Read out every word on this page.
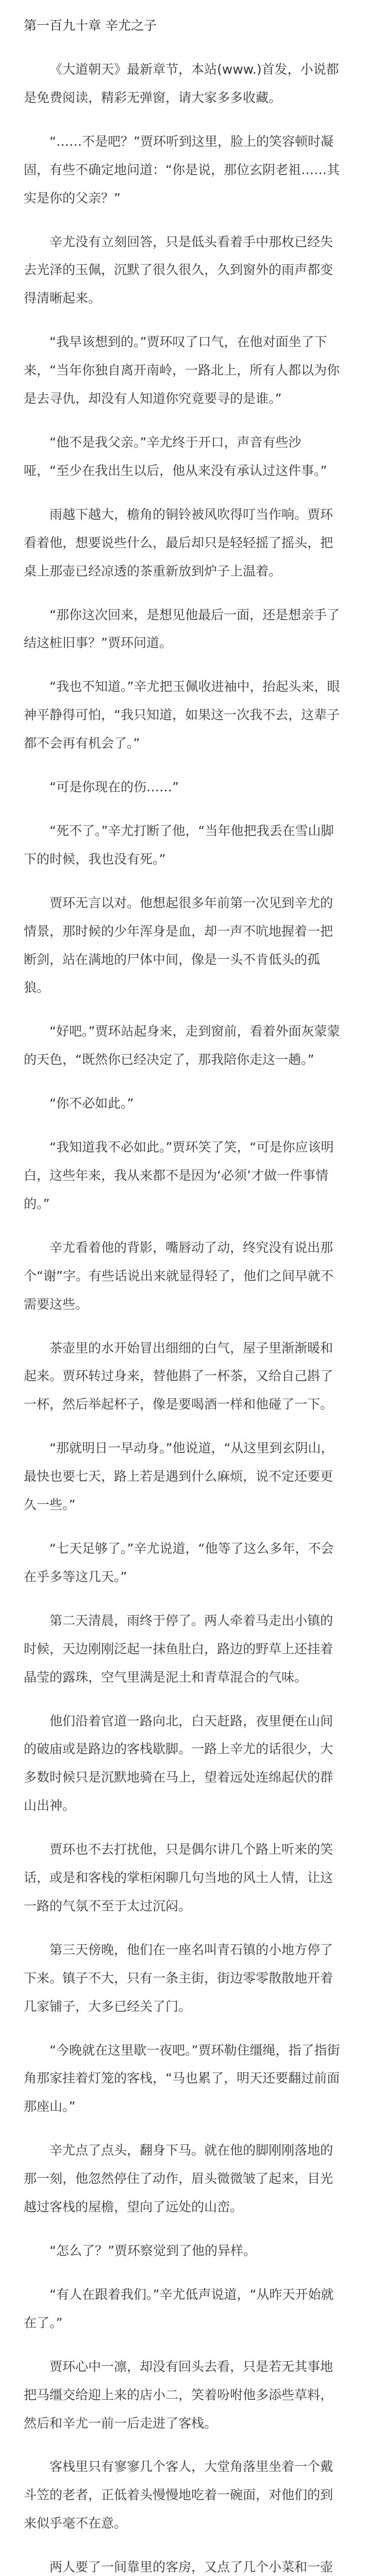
第一百九十章 辛尤之子

《大道朝天》最新章节，本站(www.)首发，小说都是免费阅读，精彩无弹窗，请大家多多收藏。

“……不是吧？”贾环听到这里，脸上的笑容顿时凝固，有些不确定地问道：“你是说，那位玄阴老祖……其实是你的父亲？”

辛尤没有立刻回答，只是低头看着手中那枚已经失去光泽的玉佩，沉默了很久很久，久到窗外的雨声都变得清晰起来。

“我早该想到的。”贾环叹了口气，在他对面坐了下来，“当年你独自离开南岭，一路北上，所有人都以为你是去寻仇，却没有人知道你究竟要寻的是谁。”

“他不是我父亲。”辛尤终于开口，声音有些沙哑，“至少在我出生以后，他从来没有承认过这件事。”

雨越下越大，檐角的铜铃被风吹得叮当作响。贾环看着他，想要说些什么，最后却只是轻轻摇了摇头，把桌上那壶已经凉透的茶重新放到炉子上温着。

“那你这次回来，是想见他最后一面，还是想亲手了结这桩旧事？”贾环问道。

“我也不知道。”辛尤把玉佩收进袖中，抬起头来，眼神平静得可怕，“我只知道，如果这一次我不去，这辈子都不会再有机会了。”

“可是你现在的伤……”

“死不了。”辛尤打断了他，“当年他把我丢在雪山脚下的时候，我也没有死。”

贾环无言以对。他想起很多年前第一次见到辛尤的情景，那时候的少年浑身是血，却一声不吭地握着一把断剑，站在满地的尸体中间，像是一头不肯低头的孤狼。

“好吧。”贾环站起身来，走到窗前，看着外面灰蒙蒙的天色，“既然你已经决定了，那我陪你走这一趟。”

“你不必如此。”

“我知道我不必如此。”贾环笑了笑，“可是你应该明白，这些年来，我从来都不是因为‘必须’才做一件事情的。”

辛尤看着他的背影，嘴唇动了动，终究没有说出那个“谢”字。有些话说出来就显得轻了，他们之间早就不需要这些。

茶壶里的水开始冒出细细的白气，屋子里渐渐暖和起来。贾环转过身来，替他斟了一杯茶，又给自己斟了一杯，然后举起杯子，像是要喝酒一样和他碰了一下。

“那就明日一早动身。”他说道，“从这里到玄阴山，最快也要七天，路上若是遇到什么麻烦，说不定还要更久一些。”

“七天足够了。”辛尤说道，“他等了这么多年，不会在乎多等这几天。”

第二天清晨，雨终于停了。两人牵着马走出小镇的时候，天边刚刚泛起一抹鱼肚白，路边的野草上还挂着晶莹的露珠，空气里满是泥土和青草混合的气味。

他们沿着官道一路向北，白天赶路，夜里便在山间的破庙或是路边的客栈歇脚。一路上辛尤的话很少，大多数时候只是沉默地骑在马上，望着远处连绵起伏的群山出神。

贾环也不去打扰他，只是偶尔讲几个路上听来的笑话，或是和客栈的掌柜闲聊几句当地的风土人情，让这一路的气氛不至于太过沉闷。

第三天傍晚，他们在一座名叫青石镇的小地方停了下来。镇子不大，只有一条主街，街边零零散散地开着几家铺子，大多已经关了门。

“今晚就在这里歇一夜吧。”贾环勒住缰绳，指了指街角那家挂着灯笼的客栈，“马也累了，明天还要翻过前面那座山。”

辛尤点了点头，翻身下马。就在他的脚刚刚落地的那一刻，他忽然停住了动作，眉头微微皱了起来，目光越过客栈的屋檐，望向了远处的山峦。

“怎么了？”贾环察觉到了他的异样。

“有人在跟着我们。”辛尤低声说道，“从昨天开始就在了。”

贾环心中一凛，却没有回头去看，只是若无其事地把马缰交给迎上来的店小二，笑着吩咐他多添些草料，然后和辛尤一前一后走进了客栈。

客栈里只有寥寥几个客人，大堂角落里坐着一个戴斗笠的老者，正低着头慢慢地吃着一碗面，对他们的到来似乎毫不在意。

两人要了一间靠里的客房，又点了几个小菜和一壶
